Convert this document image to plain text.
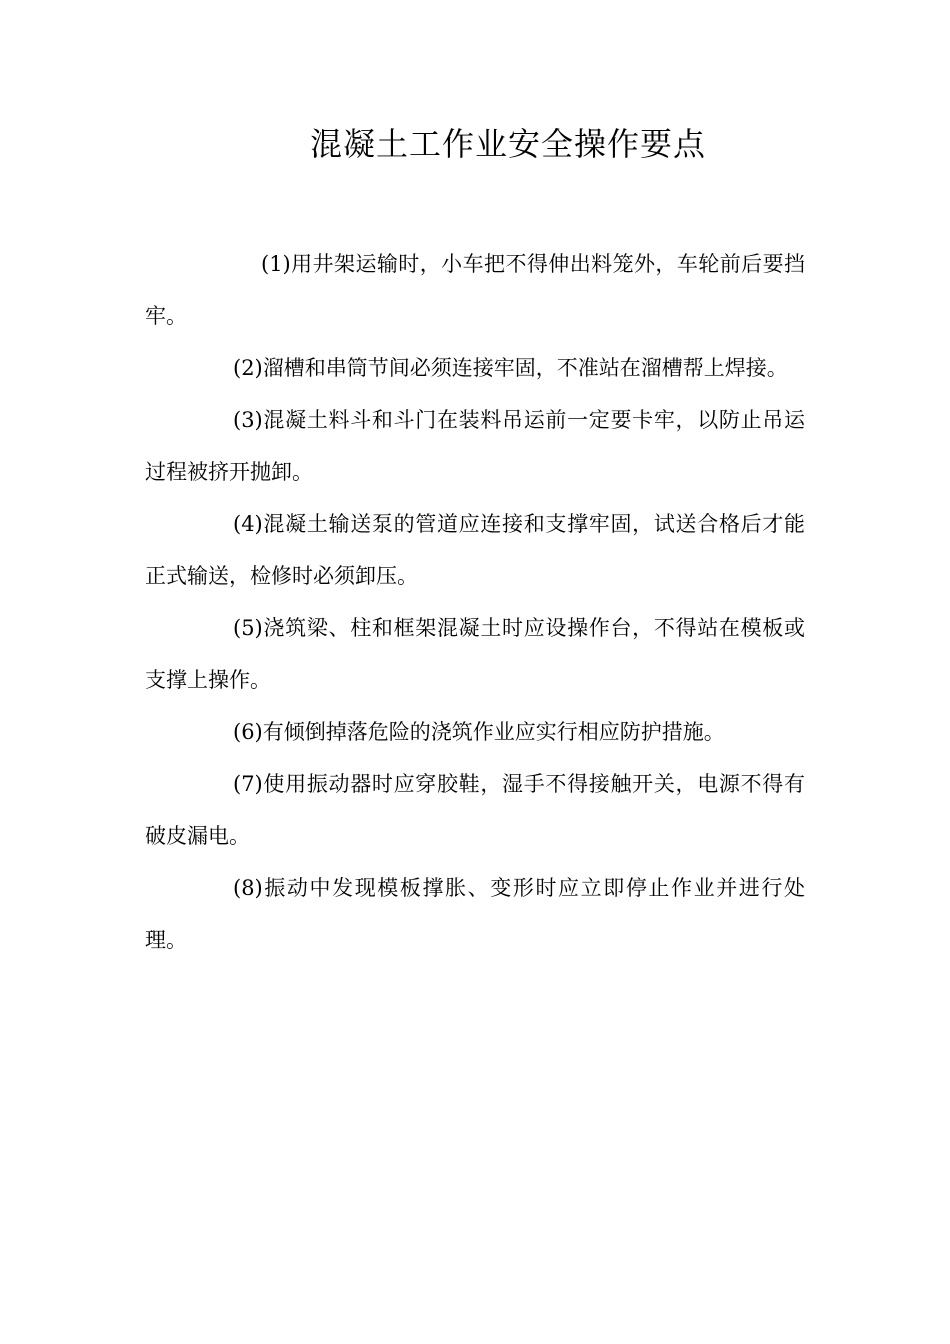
混凝土工作业安全操作要点

(1)用井架运输时，小车把不得伸出料笼外，车轮前后要挡牢。

(2)溜槽和串筒节间必须连接牢固，不准站在溜槽帮上焊接。

(3)混凝土料斗和斗门在装料吊运前一定要卡牢，以防止吊运过程被挤开抛卸。

(4)混凝土输送泵的管道应连接和支撑牢固，试送合格后才能正式输送，检修时必须卸压。

(5)浇筑梁、柱和框架混凝土时应设操作台，不得站在模板或支撑上操作。

(6)有倾倒掉落危险的浇筑作业应实行相应防护措施。

(7)使用振动器时应穿胶鞋，湿手不得接触开关，电源不得有破皮漏电。

(8)振动中发现模板撑胀、变形时应立即停止作业并进行处理。
